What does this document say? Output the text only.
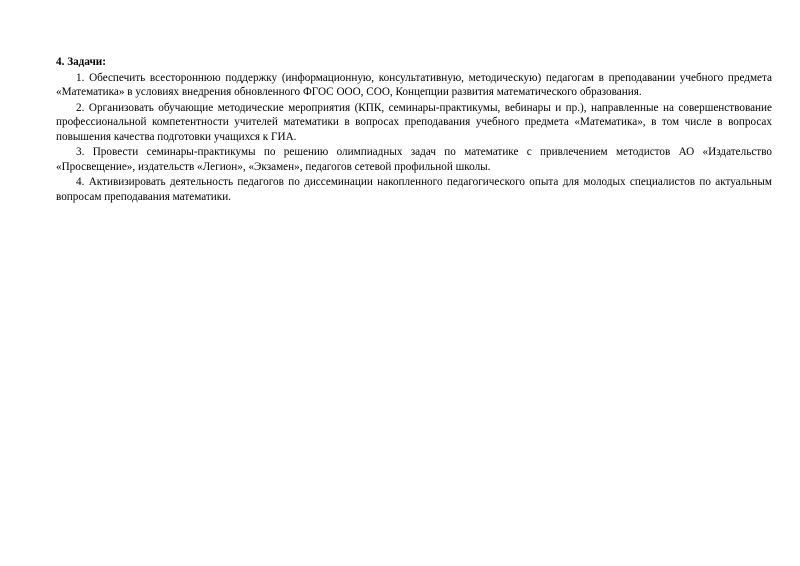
4. Задачи:
1. Обеспечить всестороннюю поддержку (информационную, консультативную, методическую) педагогам в преподавании учебного предмета «Математика» в условиях внедрения обновленного ФГОС ООО, СОО, Концепции развития математического образования.
2. Организовать обучающие методические мероприятия (КПК, семинары-практикумы, вебинары и пр.), направленные на совершенствование профессиональной компетентности учителей математики в вопросах преподавания учебного предмета «Математика», в том числе в вопросах повышения качества подготовки учащихся к ГИА.
3. Провести семинары-практикумы по решению олимпиадных задач по математике с привлечением методистов АО «Издательство «Просвещение», издательств «Легион», «Экзамен», педагогов сетевой профильной школы.
4. Активизировать деятельность педагогов по диссеминации накопленного педагогического опыта для молодых специалистов по актуальным вопросам преподавания математики.
